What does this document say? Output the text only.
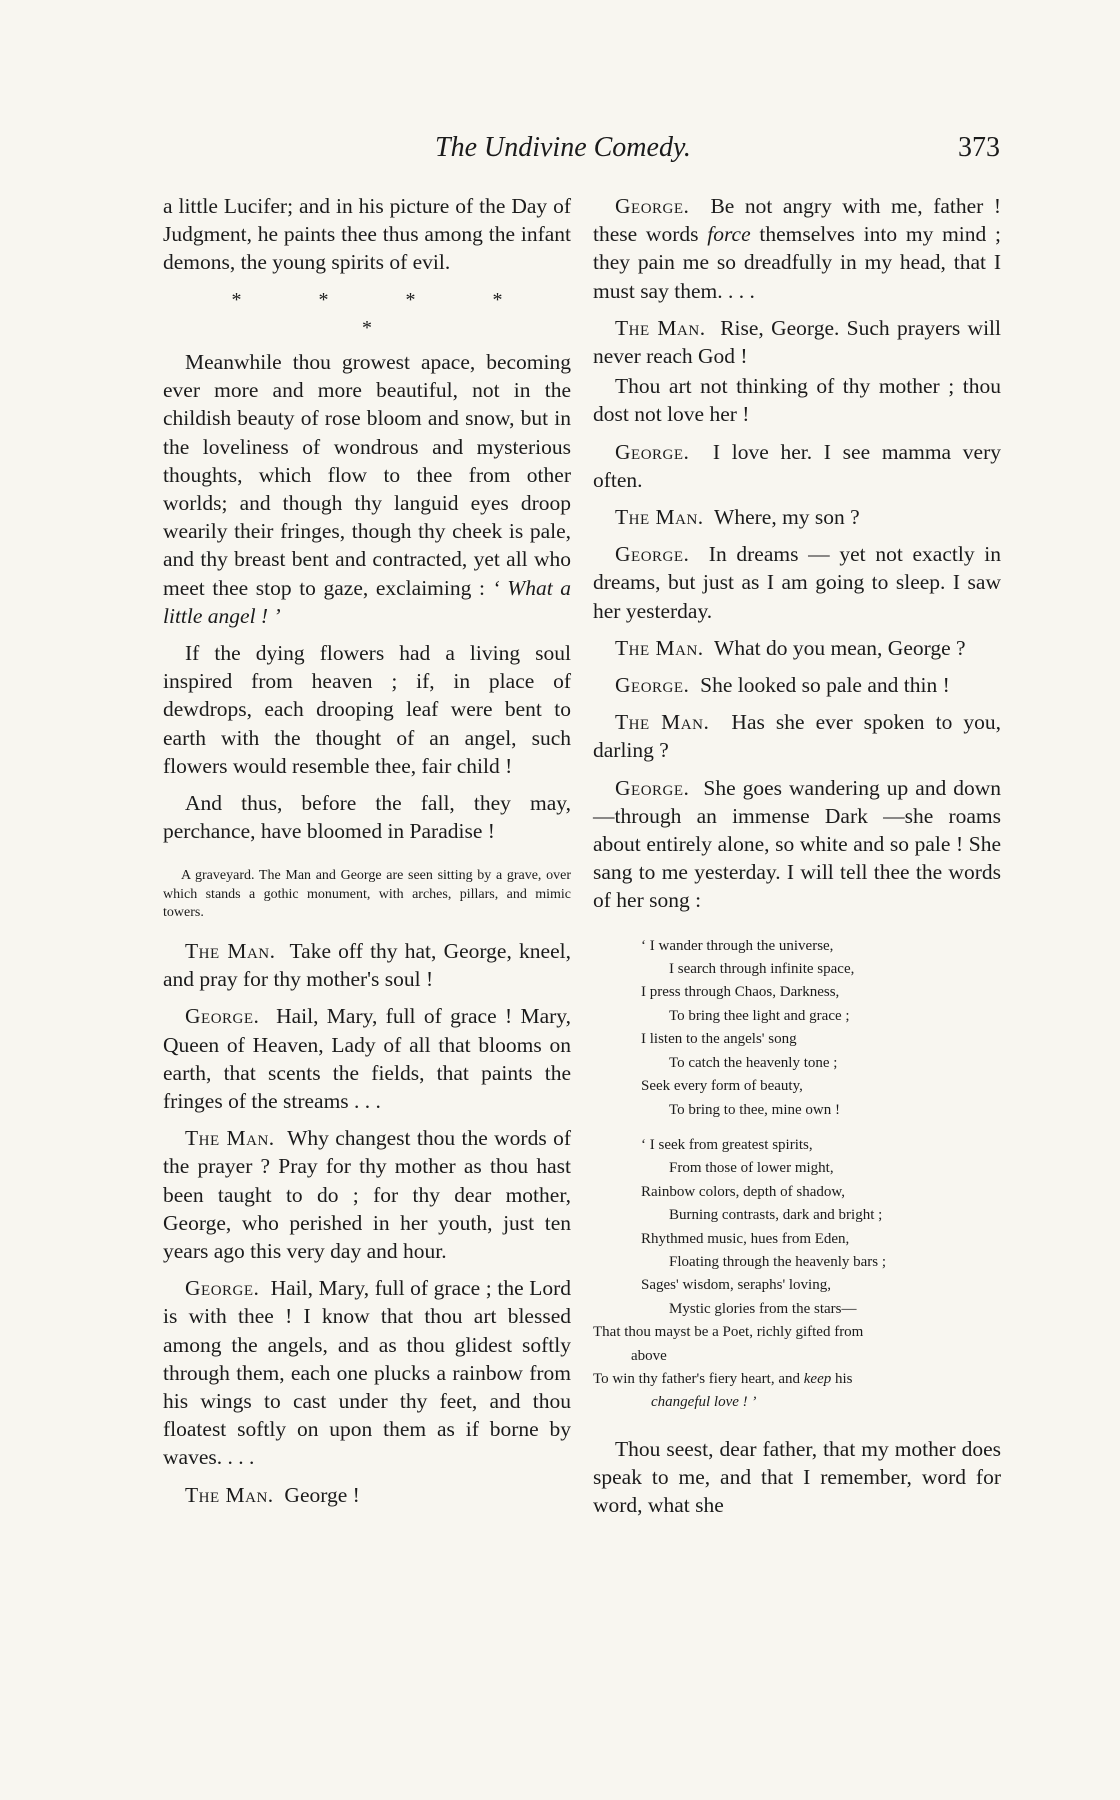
The Undivine Comedy.	373

a little Lucifer; and in his picture of the Day of Judgment, he paints thee thus among the infant demons, the young spirits of evil.

* * * * *

Meanwhile thou growest apace, becoming ever more and more beautiful, not in the childish beauty of rose bloom and snow, but in the loveliness of wondrous and mysterious thoughts, which flow to thee from other worlds; and though thy languid eyes droop wearily their fringes, though thy cheek is pale, and thy breast bent and contracted, yet all who meet thee stop to gaze, exclaiming : ‘ What a little angel ! ’

If the dying flowers had a living soul inspired from heaven ; if, in place of dewdrops, each drooping leaf were bent to earth with the thought of an angel, such flowers would resemble thee, fair child !

And thus, before the fall, they may, perchance, have bloomed in Paradise !

A graveyard. The Man and George are seen sitting by a grave, over which stands a gothic monument, with arches, pillars, and mimic towers.

The Man. Take off thy hat, George, kneel, and pray for thy mother's soul !

George. Hail, Mary, full of grace ! Mary, Queen of Heaven, Lady of all that blooms on earth, that scents the fields, that paints the fringes of the streams . . .

The Man. Why changest thou the words of the prayer ? Pray for thy mother as thou hast been taught to do ; for thy dear mother, George, who perished in her youth, just ten years ago this very day and hour.

George. Hail, Mary, full of grace ; the Lord is with thee ! I know that thou art blessed among the angels, and as thou glidest softly through them, each one plucks a rainbow from his wings to cast under thy feet, and thou floatest softly on upon them as if borne by waves. . . .

The Man. George !

George. Be not angry with me, father ! these words force themselves into my mind ; they pain me so dreadfully in my head, that I must say them. . . .

The Man. Rise, George. Such prayers will never reach God !

Thou art not thinking of thy mother ; thou dost not love her !

George. I love her. I see mamma very often.

The Man. Where, my son ?

George. In dreams — yet not exactly in dreams, but just as I am going to sleep. I saw her yesterday.

The Man. What do you mean, George ?

George. She looked so pale and thin !

The Man. Has she ever spoken to you, darling ?

George. She goes wandering up and down—through an immense Dark —she roams about entirely alone, so white and so pale ! She sang to me yesterday. I will tell thee the words of her song :

‘ I wander through the universe,
I search through infinite space,
I press through Chaos, Darkness,
To bring thee light and grace ;
I listen to the angels' song
To catch the heavenly tone ;
Seek every form of beauty,
To bring to thee, mine own !
‘ I seek from greatest spirits,
From those of lower might,
Rainbow colors, depth of shadow,
Burning contrasts, dark and bright ;
Rhythmed music, hues from Eden,
Floating through the heavenly bars ;
Sages' wisdom, seraphs' loving,
Mystic glories from the stars—
That thou mayst be a Poet, richly gifted from
above
To win thy father's fiery heart, and keep his
changeful love ! ’

Thou seest, dear father, that my mother does speak to me, and that I remember, word for word, what she
